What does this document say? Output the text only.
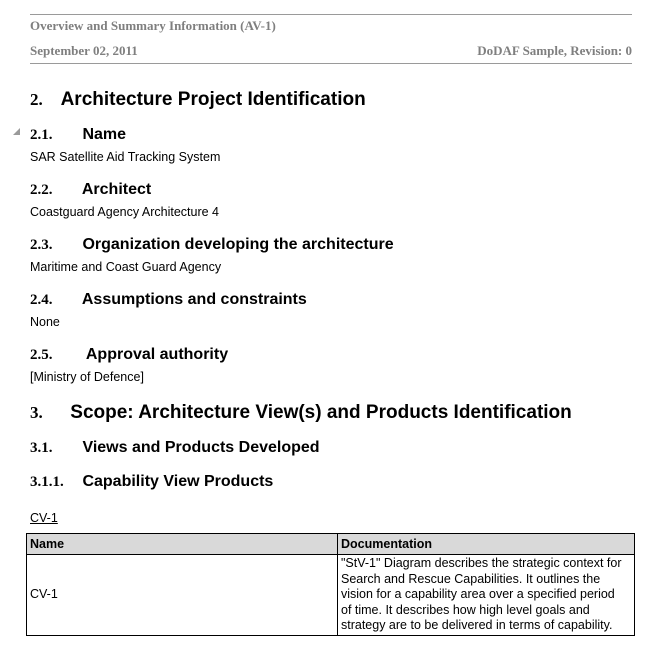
Overview and Summary Information (AV-1)
September 02, 2011	DoDAF Sample, Revision: 0
2. Architecture Project Identification
2.1. Name
SAR Satellite Aid Tracking System
2.2. Architect
Coastguard Agency Architecture 4
2.3. Organization developing the architecture
Maritime and Coast Guard Agency
2.4. Assumptions and constraints
None
2.5. Approval authority
[Ministry of Defence]
3. Scope: Architecture View(s) and Products Identification
3.1. Views and Products Developed
3.1.1. Capability View Products
CV-1
Name	Documentation
CV-1	"StV-1" Diagram describes the strategic context for
Search and Rescue Capabilities. It outlines the
vision for a capability area over a specified period
of time. It describes how high level goals and
strategy are to be delivered in terms of capability.
